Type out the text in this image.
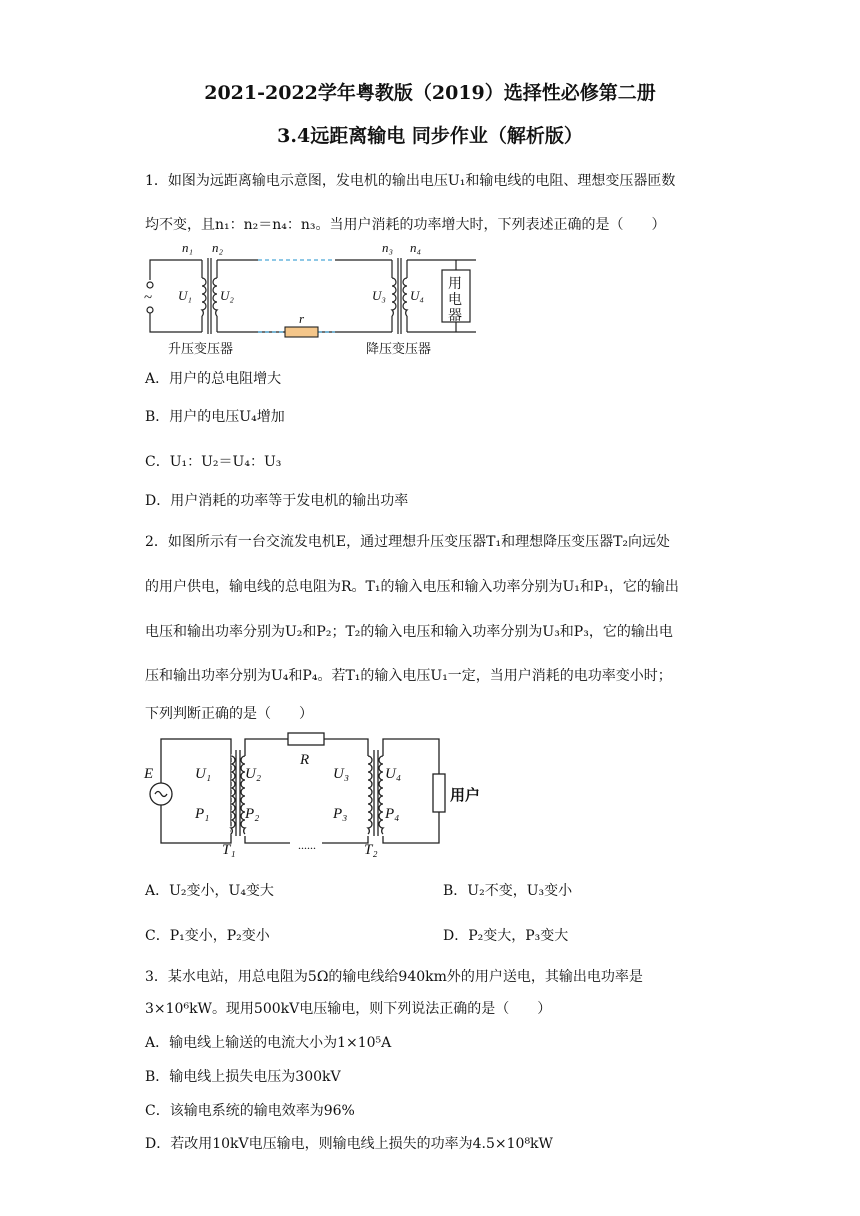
2021-2022学年粤教版（2019）选择性必修第二册
3.4远距离输电 同步作业（解析版）
1．如图为远距离输电示意图，发电机的输出电压U₁和输电线的电阻、理想变压器匝数
均不变，且n₁：n₂＝n₄：n₃。当用户消耗的功率增大时，下列表述正确的是（　　）
n₁ n₂	n₃ n₄
U₁ U₂	U₃ U₄
r
~
用
电
器
升压变压器	降压变压器
A．用户的总电阻增大
B．用户的电压U₄增加
C．U₁：U₂＝U₄：U₃
D．用户消耗的功率等于发电机的输出功率
2．如图所示有一台交流发电机E，通过理想升压变压器T₁和理想降压变压器T₂向远处
的用户供电，输电线的总电阻为R。T₁的输入电压和输入功率分别为U₁和P₁，它的输出
电压和输出功率分别为U₂和P₂；T₂的输入电压和输入功率分别为U₃和P₃，它的输出电
压和输出功率分别为U₄和P₄。若T₁的输入电压U₁一定，当用户消耗的电功率变小时；
下列判断正确的是（　　）
......
E
R
U₁ U₂	U₃ U₄
P₁ P₂	P₃	P₄
T₁	T₂
用户
A．U₂变小，U₄变大	B．U₂不变，U₃变小
C．P₁变小，P₂变小	D．P₂变大，P₃变大
3．某水电站，用总电阻为5Ω的输电线给940km外的用户送电，其输出电功率是
3×10⁶kW。现用500kV电压输电，则下列说法正确的是（　　）
A．输电线上输送的电流大小为1×10⁵A
B．输电线上损失电压为300kV
C．该输电系统的输电效率为96%
D．若改用10kV电压输电，则输电线上损失的功率为4.5×10⁸kW
